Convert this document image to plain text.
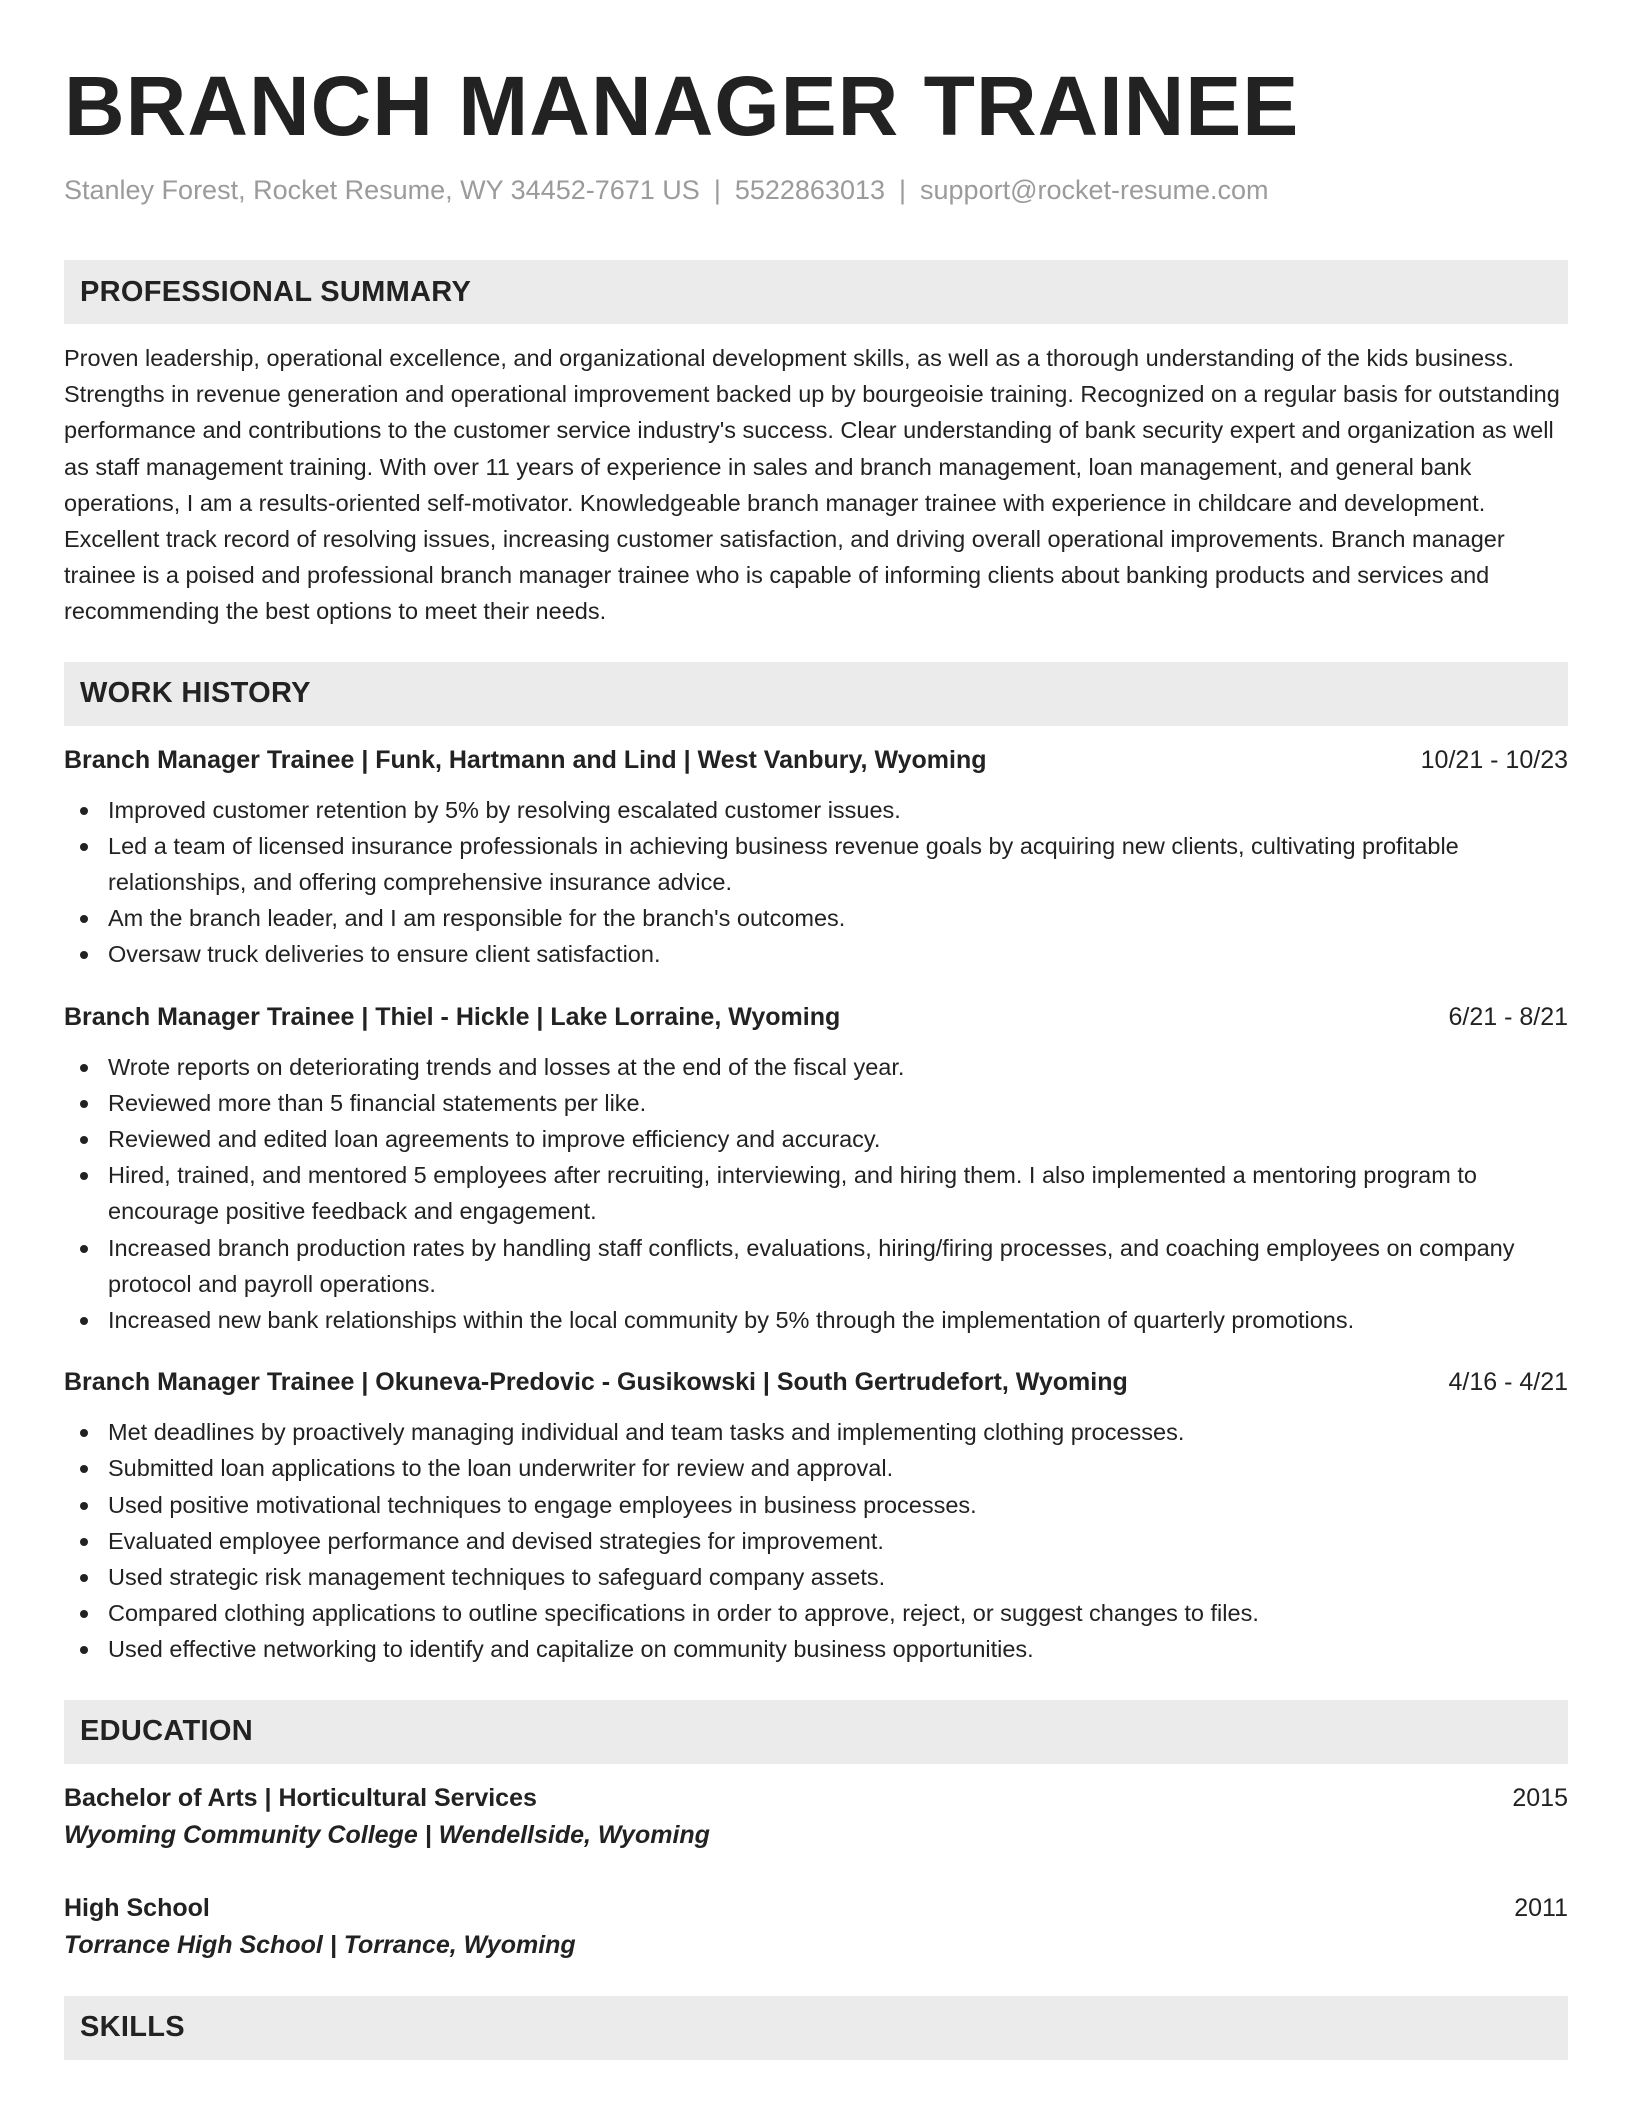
BRANCH MANAGER TRAINEE
Stanley Forest, Rocket Resume, WY 34452-7671 US | 5522863013 | support@rocket-resume.com
PROFESSIONAL SUMMARY
Proven leadership, operational excellence, and organizational development skills, as well as a thorough understanding of the kids business. Strengths in revenue generation and operational improvement backed up by bourgeoisie training. Recognized on a regular basis for outstanding performance and contributions to the customer service industry's success. Clear understanding of bank security expert and organization as well as staff management training. With over 11 years of experience in sales and branch management, loan management, and general bank operations, I am a results-oriented self-motivator. Knowledgeable branch manager trainee with experience in childcare and development. Excellent track record of resolving issues, increasing customer satisfaction, and driving overall operational improvements. Branch manager trainee is a poised and professional branch manager trainee who is capable of informing clients about banking products and services and recommending the best options to meet their needs.
WORK HISTORY
Branch Manager Trainee | Funk, Hartmann and Lind | West Vanbury, Wyoming	10/21 - 10/23
Improved customer retention by 5% by resolving escalated customer issues.
Led a team of licensed insurance professionals in achieving business revenue goals by acquiring new clients, cultivating profitable relationships, and offering comprehensive insurance advice.
Am the branch leader, and I am responsible for the branch's outcomes.
Oversaw truck deliveries to ensure client satisfaction.
Branch Manager Trainee | Thiel - Hickle | Lake Lorraine, Wyoming	6/21 - 8/21
Wrote reports on deteriorating trends and losses at the end of the fiscal year.
Reviewed more than 5 financial statements per like.
Reviewed and edited loan agreements to improve efficiency and accuracy.
Hired, trained, and mentored 5 employees after recruiting, interviewing, and hiring them. I also implemented a mentoring program to encourage positive feedback and engagement.
Increased branch production rates by handling staff conflicts, evaluations, hiring/firing processes, and coaching employees on company protocol and payroll operations.
Increased new bank relationships within the local community by 5% through the implementation of quarterly promotions.
Branch Manager Trainee | Okuneva-Predovic - Gusikowski | South Gertrudefort, Wyoming	4/16 - 4/21
Met deadlines by proactively managing individual and team tasks and implementing clothing processes.
Submitted loan applications to the loan underwriter for review and approval.
Used positive motivational techniques to engage employees in business processes.
Evaluated employee performance and devised strategies for improvement.
Used strategic risk management techniques to safeguard company assets.
Compared clothing applications to outline specifications in order to approve, reject, or suggest changes to files.
Used effective networking to identify and capitalize on community business opportunities.
EDUCATION
Bachelor of Arts | Horticultural Services	2015
Wyoming Community College | Wendellside, Wyoming
High School	2011
Torrance High School | Torrance, Wyoming
SKILLS
